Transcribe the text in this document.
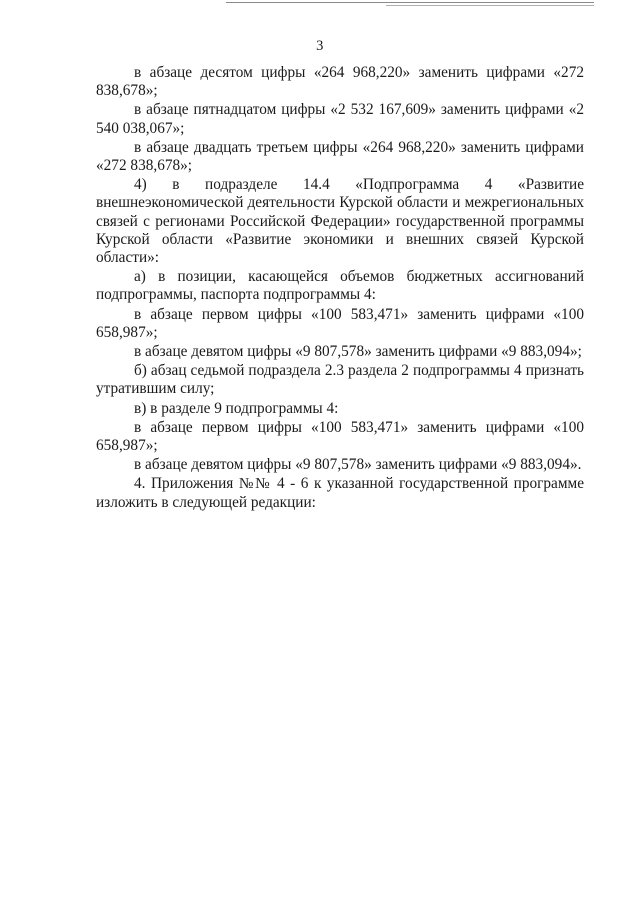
3

в абзаце десятом цифры «264 968,220» заменить цифрами «272 838,678»;

в абзаце пятнадцатом цифры «2 532 167,609» заменить цифрами «2 540 038,067»;

в абзаце двадцать третьем цифры «264 968,220» заменить цифрами «272 838,678»;

4) в подразделе 14.4 «Подпрограмма 4 «Развитие внешнеэкономической деятельности Курской области и межрегиональных связей с регионами Российской Федерации» государственной программы Курской области «Развитие экономики и внешних связей Курской области»:

а) в позиции, касающейся объемов бюджетных ассигнований подпрограммы, паспорта подпрограммы 4:

в абзаце первом цифры «100 583,471» заменить цифрами «100 658,987»;

в абзаце девятом цифры «9 807,578» заменить цифрами «9 883,094»;

б) абзац седьмой подраздела 2.3 раздела 2 подпрограммы 4 признать утратившим силу;

в) в разделе 9 подпрограммы 4:

в абзаце первом цифры «100 583,471» заменить цифрами «100 658,987»;

в абзаце девятом цифры «9 807,578» заменить цифрами «9 883,094».

4. Приложения №№ 4 - 6 к указанной государственной программе изложить в следующей редакции:
